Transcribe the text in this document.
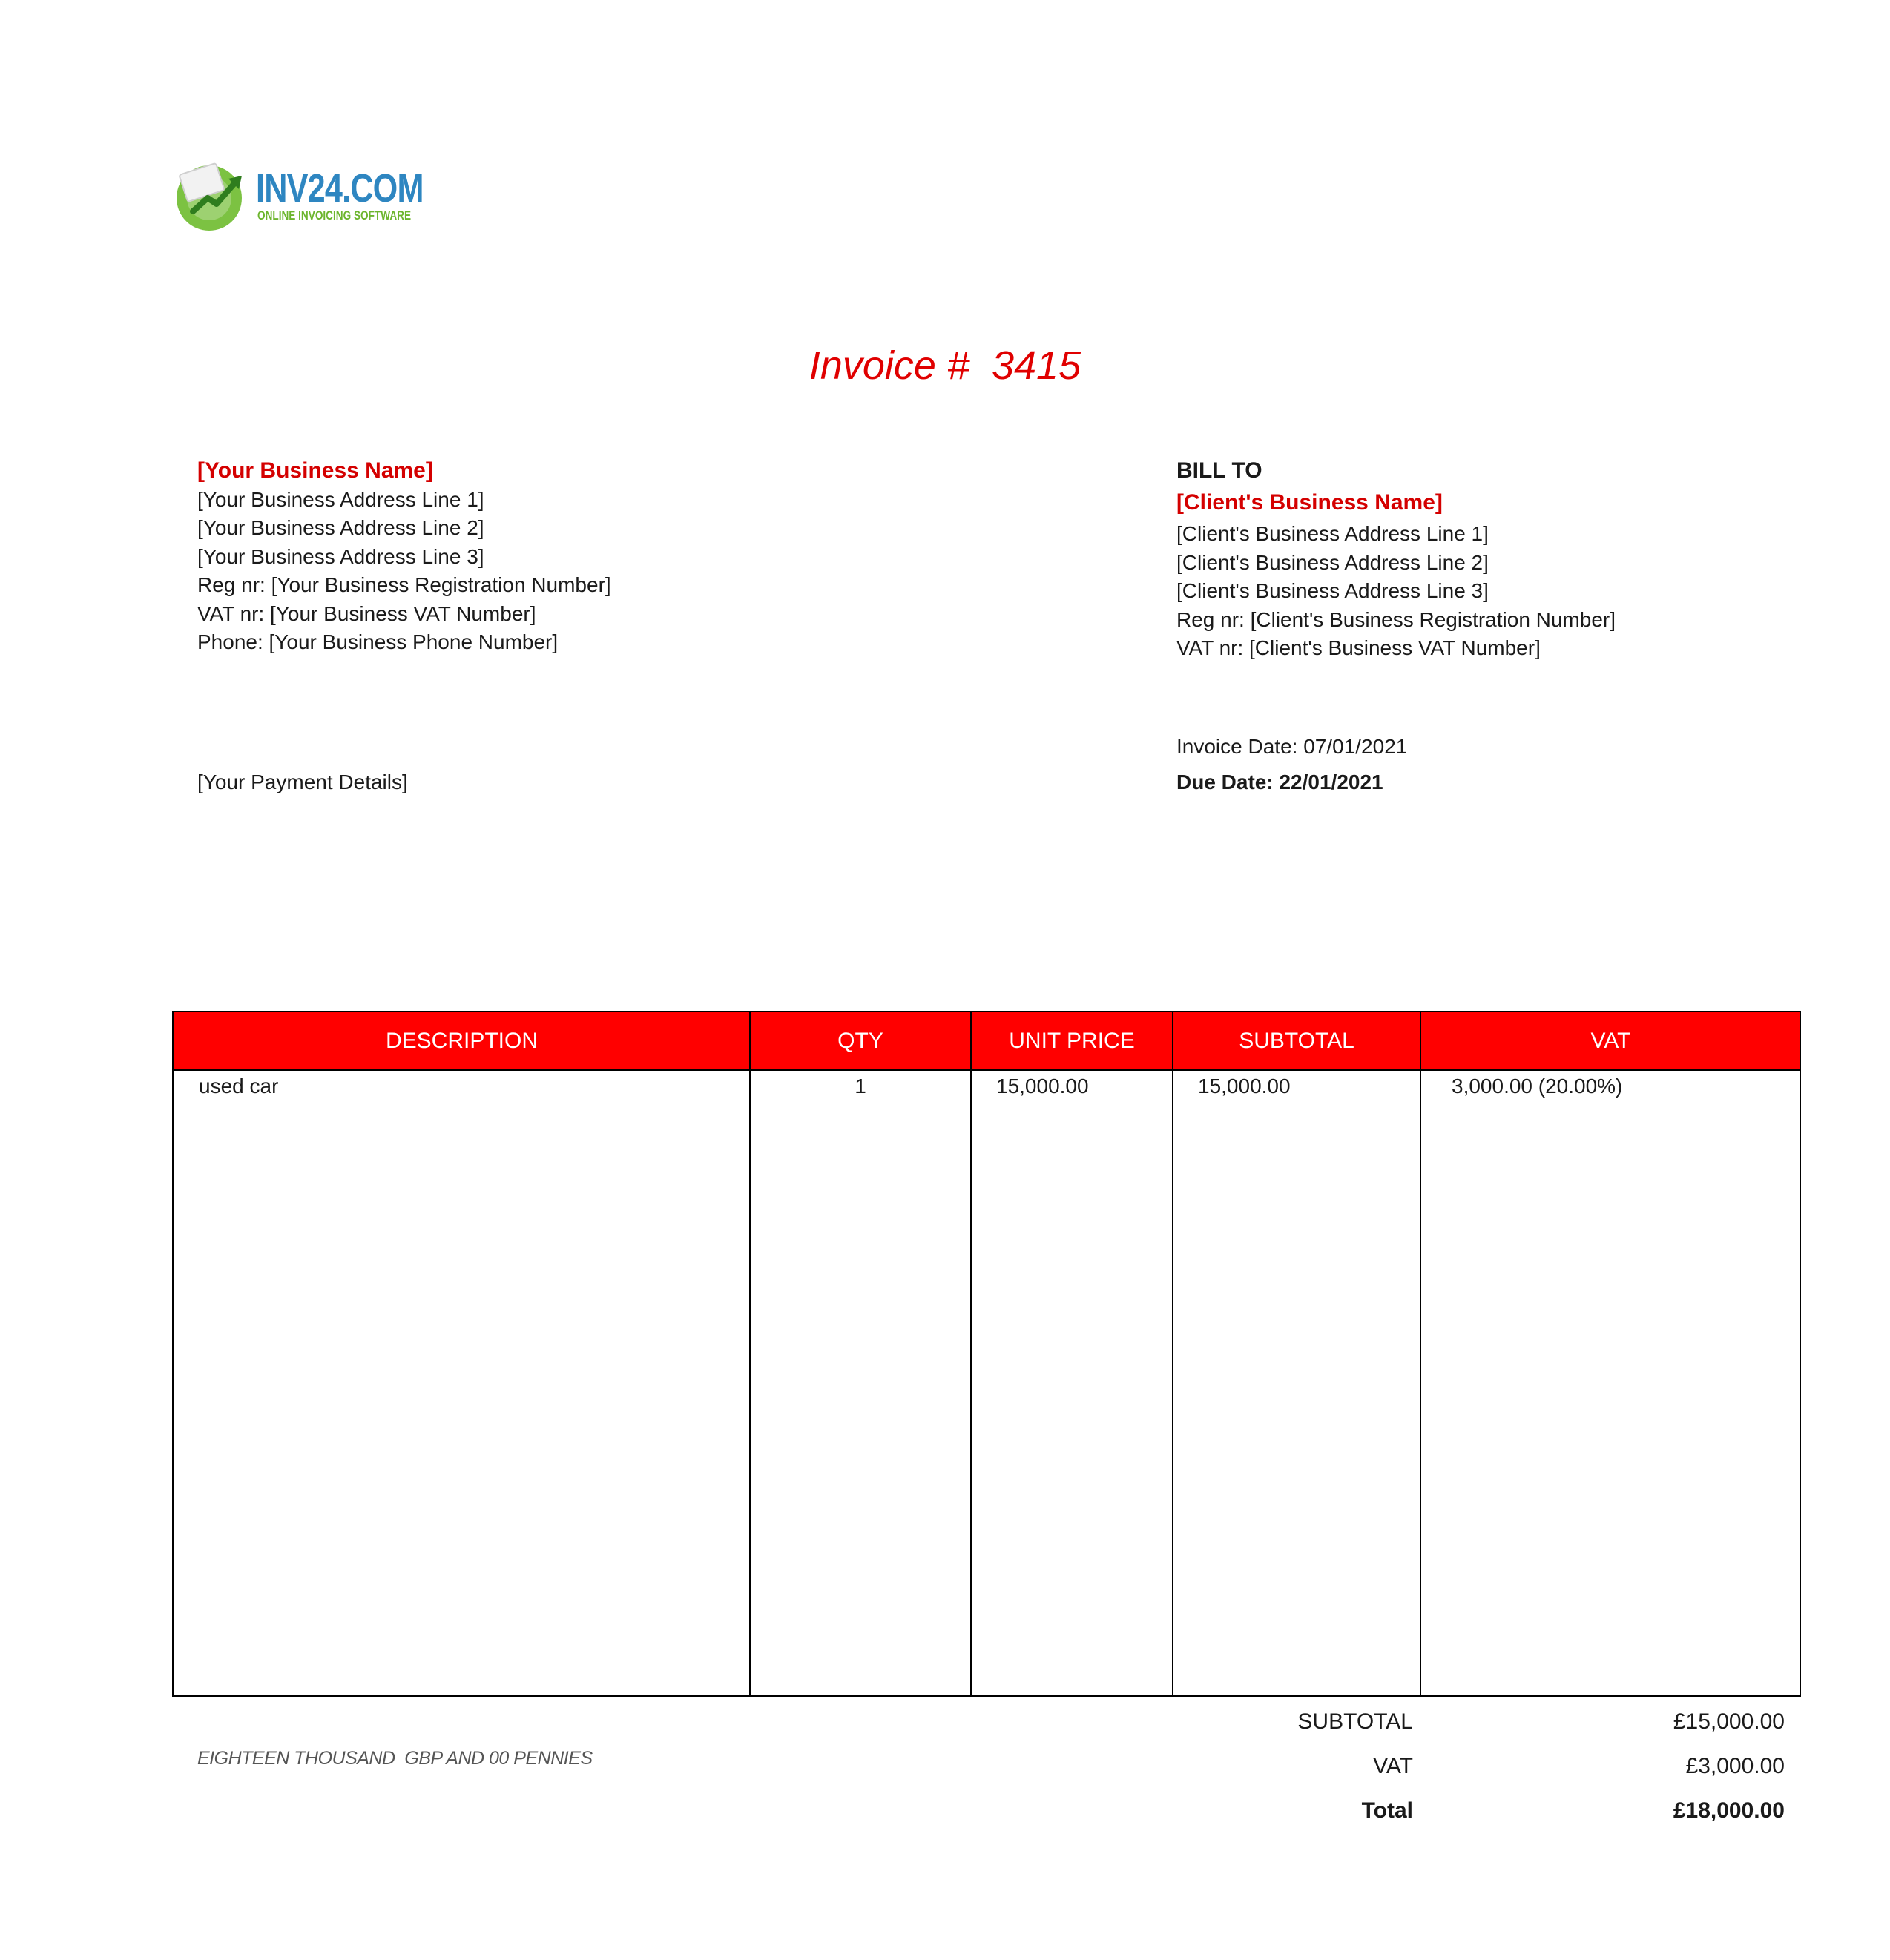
INV24.COM
ONLINE INVOICING SOFTWARE
Invoice #  3415
[Your Business Name]
[Your Business Address Line 1]
[Your Business Address Line 2]
[Your Business Address Line 3]
Reg nr: [Your Business Registration Number]
VAT nr: [Your Business VAT Number]
Phone: [Your Business Phone Number]
[Your Payment Details]
BILL TO
[Client's Business Name]
[Client's Business Address Line 1]
[Client's Business Address Line 2]
[Client's Business Address Line 3]
Reg nr: [Client's Business Registration Number]
VAT nr: [Client's Business VAT Number]
Invoice Date: 07/01/2021
Due Date: 22/01/2021
DESCRIPTION	QTY	UNIT PRICE	SUBTOTAL	VAT
used car	1	15,000.00	15,000.00	3,000.00 (20.00%)
EIGHTEEN THOUSAND  GBP AND 00 PENNIES
SUBTOTAL	£15,000.00
VAT	£3,000.00
Total	£18,000.00
